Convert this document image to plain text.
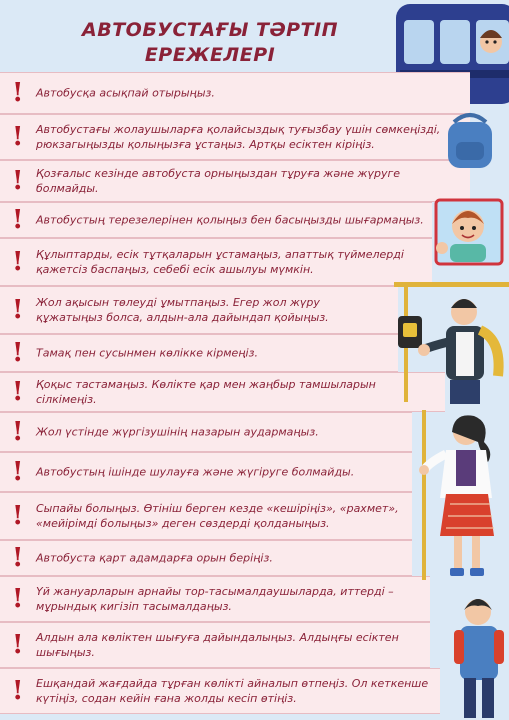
АВТОБУСТАҒЫ ТӘРТІП
ЕРЕЖЕЛЕРІ
! Автобусқа асықпай отырыңыз.
! Автобустағы жолаушыларға қолайсыздық туғызбау үшін сөмкеңізді, рюкзагыңызды қолыңызға ұстаңыз. Артқы есіктен кіріңіз.
! Қозғалыс кезінде автобуста орныңыздан тұруға және жүруге болмайды.
! Автобустың терезелерінен қолыңыз бен басыңызды шығармаңыз.
! Құлыптарды, есік тұтқаларын ұстамаңыз, апаттық түймелерді қажетсіз баспаңыз, себебі есік ашылуы мүмкін.
! Жол ақысын төлеуді ұмытпаңыз. Егер жол жүру құжатыңыз болса, алдын-ала дайындап қойыңыз.
! Тамақ пен сусынмен көлікке кірмеңіз.
! Қоқыс тастамаңыз. Көлікте қар мен жаңбыр тамшыларын сілкімеңіз.
! Жол үстінде жүргізушінің назарын аудармаңыз.
! Автобустың ішінде шулауға және жүгіруге болмайды.
! Сыпайы болыңыз. Өтініш берген кезде «кешіріңіз», «рахмет», «мейірімді болыңыз» деген сөздерді қолданыңыз.
! Автобуста қарт адамдарға орын беріңіз.
! Үй жануарларын арнайы тор-тасымалдаушыларда, иттерді – мұрындық кигізіп тасымалдаңыз.
! Алдын ала көліктен шығуға дайындалыңыз. Алдыңғы есіктен шығыңыз.
! Ешқандай жағдайда тұрған көлікті айналып өтпеңіз. Ол кеткенше күтіңіз, содан кейін ғана жолды кесіп өтіңіз.
